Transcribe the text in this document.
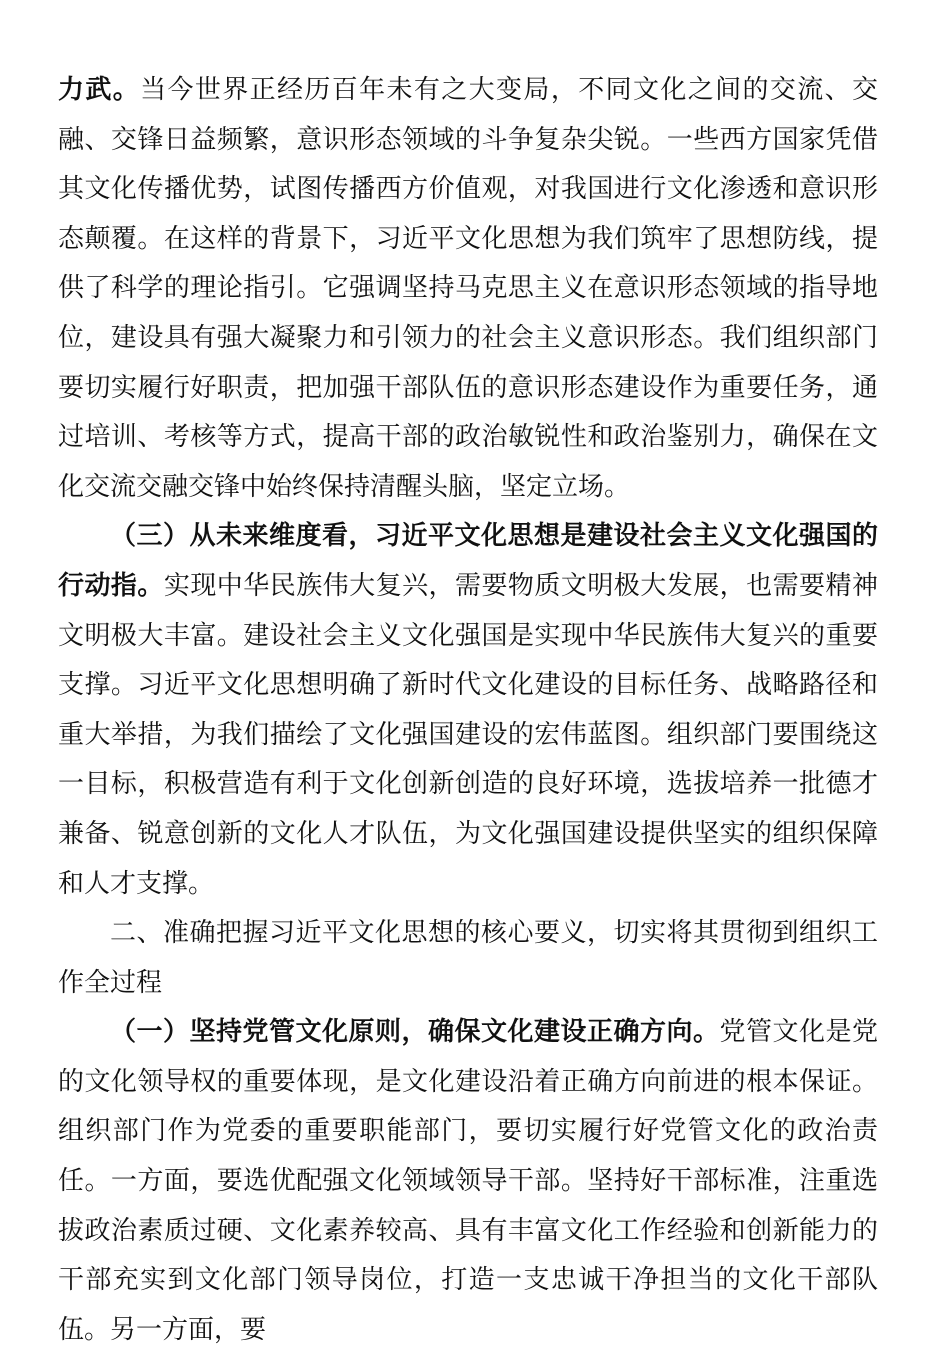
力武。当今世界正经历百年未有之大变局，不同文化之间的交流、交融、交锋日益频繁，意识形态领域的斗争复杂尖锐。一些西方国家凭借其文化传播优势，试图传播西方价值观，对我国进行文化渗透和意识形态颠覆。在这样的背景下，习近平文化思想为我们筑牢了思想防线，提供了科学的理论指引。它强调坚持马克思主义在意识形态领域的指导地位，建设具有强大凝聚力和引领力的社会主义意识形态。我们组织部门要切实履行好职责，把加强干部队伍的意识形态建设作为重要任务，通过培训、考核等方式，提高干部的政治敏锐性和政治鉴别力，确保在文化交流交融交锋中始终保持清醒头脑，坚定立场。

（三）从未来维度看，习近平文化思想是建设社会主义文化强国的行动指。实现中华民族伟大复兴，需要物质文明极大发展，也需要精神文明极大丰富。建设社会主义文化强国是实现中华民族伟大复兴的重要支撑。习近平文化思想明确了新时代文化建设的目标任务、战略路径和重大举措，为我们描绘了文化强国建设的宏伟蓝图。组织部门要围绕这一目标，积极营造有利于文化创新创造的良好环境，选拔培养一批德才兼备、锐意创新的文化人才队伍，为文化强国建设提供坚实的组织保障和人才支撑。

二、准确把握习近平文化思想的核心要义，切实将其贯彻到组织工作全过程

（一）坚持党管文化原则，确保文化建设正确方向。党管文化是党的文化领导权的重要体现，是文化建设沿着正确方向前进的根本保证。组织部门作为党委的重要职能部门，要切实履行好党管文化的政治责任。一方面，要选优配强文化领域领导干部。坚持好干部标准，注重选拔政治素质过硬、文化素养较高、具有丰富文化工作经验和创新能力的干部充实到文化部门领导岗位，打造一支忠诚干净担当的文化干部队伍。另一方面，要
